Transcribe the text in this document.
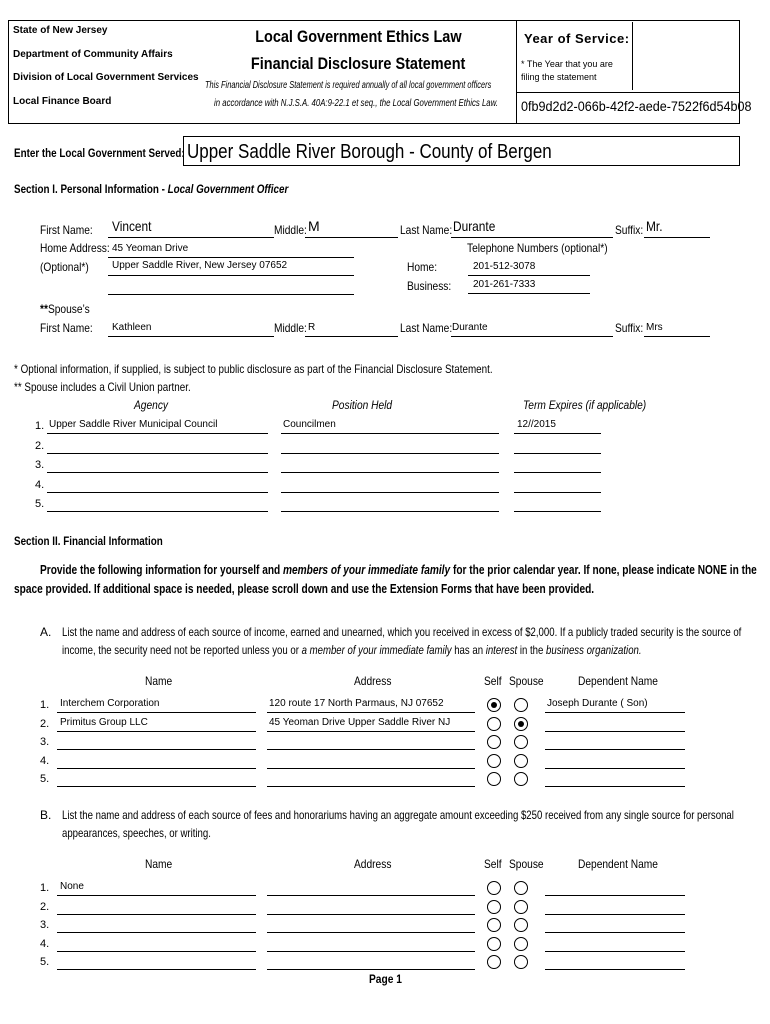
State of New Jersey
Department of Community Affairs
Division of Local Government Services
Local Finance Board
Local Government Ethics Law
Financial Disclosure Statement
This Financial Disclosure Statement is required annually of all local government officers
in accordance with N.J.S.A. 40A:9-22.1 et seq., the Local Government Ethics Law.
Year of Service:
* The Year that you are filing the statement
0fb9d2d2-066b-42f2-aede-7522f6d54b08
Enter the Local Government Served: Upper Saddle River Borough - County of Bergen
Section I. Personal Information - Local Government Officer
First Name: Vincent	Middle: M	Last Name: Durante	Suffix: Mr.
Home Address: 45 Yeoman Drive
(Optional*) Upper Saddle River, New Jersey 07652
Telephone Numbers (optional*)
Home:	201-512-3078
Business: 201-261-7333
**Spouse’s
First Name: Kathleen	Middle: R	Last Name: Durante	Suffix: Mrs
* Optional information, if supplied, is subject to public disclosure as part of the Financial Disclosure Statement.
** Spouse includes a Civil Union partner.
Agency	Position Held	Term Expires (if applicable)
1. Upper Saddle River Municipal Council	Councilmen	12//2015
2.
3.
4.
5.
Section II. Financial Information
Provide the following information for yourself and members of your immediate family for the prior calendar year. If none, please indicate NONE in the
space provided. If additional space is needed, please scroll down and use the Extension Forms that have been provided.
A. List the name and address of each source of income, earned and unearned, which you received in excess of $2,000. If a publicly traded security is the source of
income, the security need not be reported unless you or a member of your immediate family has an interest in the business organization.
Name	Address	Self Spouse	Dependent Name
1. Interchem Corporation	120 route 17 North Parmaus, NJ 07652	Joseph Durante ( Son)
2. Primitus Group LLC	45 Yeoman Drive Upper Saddle River NJ
3.
4.
5.
B. List the name and address of each source of fees and honorariums having an aggregate amount exceeding $250 received from any single source for personal
appearances, speeches, or writing.
Name	Address	Self Spouse	Dependent Name
1. None
2.
3.
4.
5.
Page 1
